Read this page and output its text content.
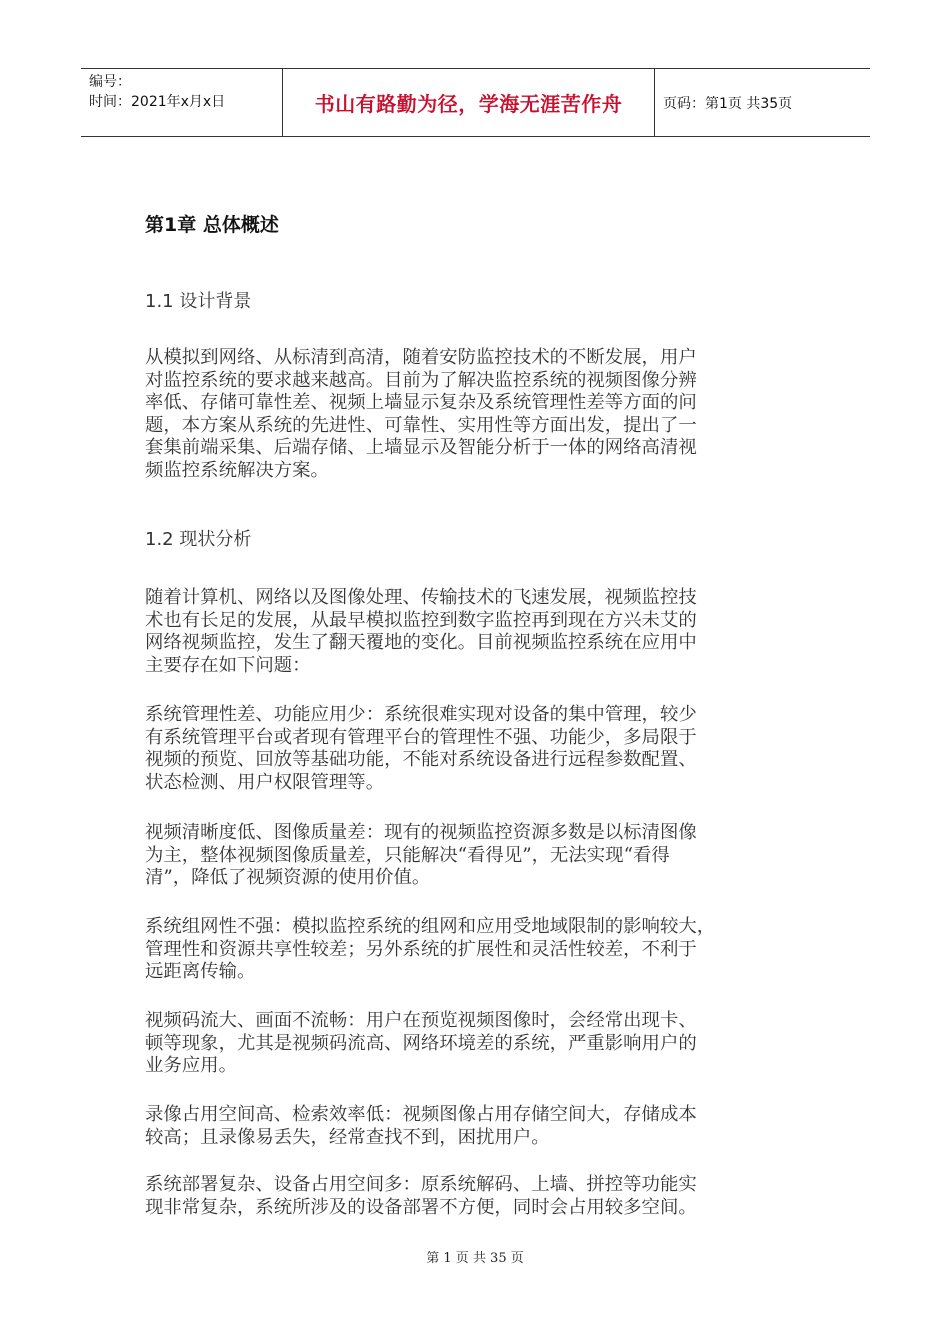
编号：
时间：2021年x月x日	书山有路勤为径，学海无涯苦作舟	页码：第1页 共35页
第1章 总体概述
1.1 设计背景
从模拟到网络、从标清到高清，随着安防监控技术的不断发展，用户
对监控系统的要求越来越高。目前为了解决监控系统的视频图像分辨
率低、存储可靠性差、视频上墙显示复杂及系统管理性差等方面的问
题，本方案从系统的先进性、可靠性、实用性等方面出发，提出了一
套集前端采集、后端存储、上墙显示及智能分析于一体的网络高清视
频监控系统解决方案。
1.2 现状分析
随着计算机、网络以及图像处理、传输技术的飞速发展，视频监控技
术也有长足的发展，从最早模拟监控到数字监控再到现在方兴未艾的
网络视频监控，发生了翻天覆地的变化。目前视频监控系统在应用中
主要存在如下问题：
系统管理性差、功能应用少：系统很难实现对设备的集中管理，较少
有系统管理平台或者现有管理平台的管理性不强、功能少，多局限于
视频的预览、回放等基础功能，不能对系统设备进行远程参数配置、
状态检测、用户权限管理等。
视频清晰度低、图像质量差：现有的视频监控资源多数是以标清图像
为主，整体视频图像质量差，只能解决“看得见”，无法实现“看得
清”，降低了视频资源的使用价值。
系统组网性不强：模拟监控系统的组网和应用受地域限制的影响较大，
管理性和资源共享性较差；另外系统的扩展性和灵活性较差，不利于
远距离传输。
视频码流大、画面不流畅：用户在预览视频图像时，会经常出现卡、
顿等现象，尤其是视频码流高、网络环境差的系统，严重影响用户的
业务应用。
录像占用空间高、检索效率低：视频图像占用存储空间大，存储成本
较高；且录像易丢失，经常查找不到，困扰用户。
系统部署复杂、设备占用空间多：原系统解码、上墙、拼控等功能实
现非常复杂，系统所涉及的设备部署不方便，同时会占用较多空间。
第 1 页 共 35 页
